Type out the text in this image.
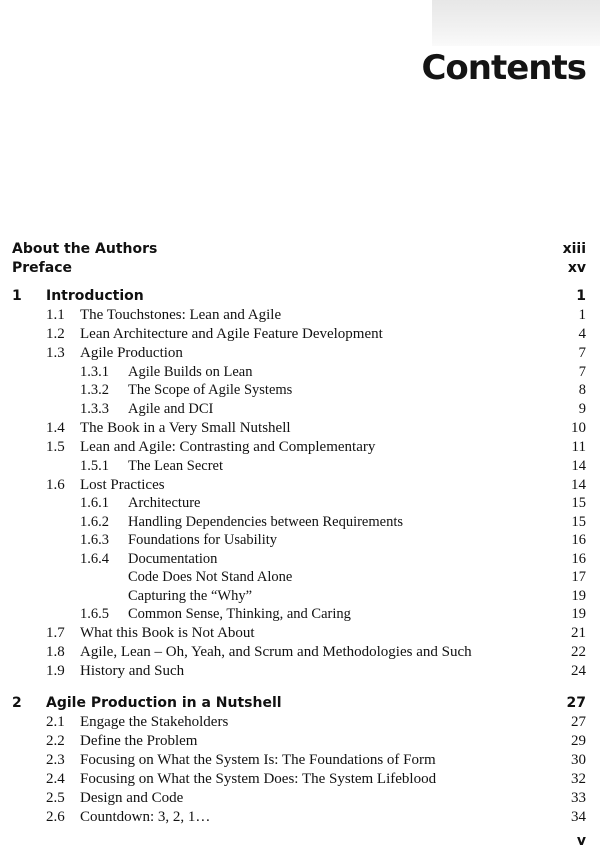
Contents
About the Authors	xiii
Preface	xv
1 Introduction	1
1.1 The Touchstones: Lean and Agile	1
1.2 Lean Architecture and Agile Feature Development	4
1.3 Agile Production	7
1.3.1 Agile Builds on Lean	7
1.3.2 The Scope of Agile Systems	8
1.3.3 Agile and DCI	9
1.4 The Book in a Very Small Nutshell	10
1.5 Lean and Agile: Contrasting and Complementary	11
1.5.1 The Lean Secret	14
1.6 Lost Practices	14
1.6.1 Architecture	15
1.6.2 Handling Dependencies between Requirements	15
1.6.3 Foundations for Usability	16
1.6.4 Documentation	16
Code Does Not Stand Alone	17
Capturing the “Why”	19
1.6.5 Common Sense, Thinking, and Caring	19
1.7 What this Book is Not About	21
1.8 Agile, Lean – Oh, Yeah, and Scrum and Methodologies and Such	22
1.9 History and Such	24
2 Agile Production in a Nutshell	27
2.1 Engage the Stakeholders	27
2.2 Define the Problem	29
2.3 Focusing on What the System Is: The Foundations of Form	30
2.4 Focusing on What the System Does: The System Lifeblood	32
2.5 Design and Code	33
2.6 Countdown: 3, 2, 1…	34
v
